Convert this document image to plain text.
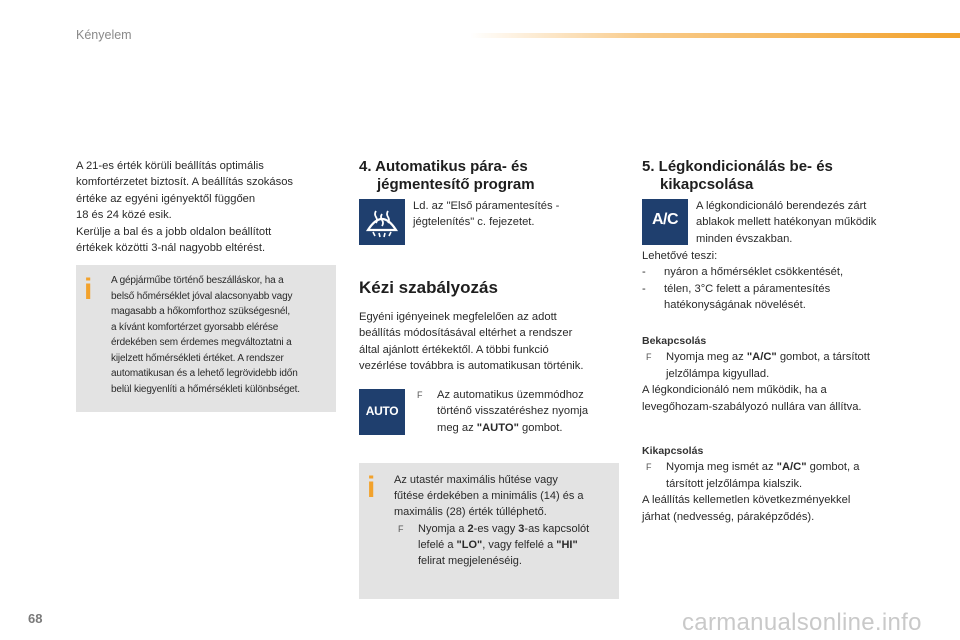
Kényelem
A 21-es érték körüli beállítás optimális
komfortérzetet biztosít. A beállítás szokásos
értéke az egyéni igényektől függően
18 és 24 közé esik.
Kerülje a bal és a jobb oldalon beállított
értékek közötti 3-nál nagyobb eltérést.
i A gépjárműbe történő beszálláskor, ha a
belső hőmérséklet jóval alacsonyabb vagy
magasabb a hőkomforthoz szükségesnél,
a kívánt komfortérzet gyorsabb elérése
érdekében sem érdemes megváltoztatni a
kijelzett hőmérsékleti értéket. A rendszer
automatikusan és a lehető legrövidebb időn
belül kiegyenlíti a hőmérsékleti különbséget.
4. Automatikus pára- és
jégmentesítő program
Ld. az "Első páramentesítés -
jégtelenítés" c. fejezetet.
Kézi szabályozás
Egyéni igényeinek megfelelően az adott
beállítás módosításával eltérhet a rendszer
által ajánlott értékektől. A többi funkció
vezérlése továbbra is automatikusan történik.
AUTO
F Az automatikus üzemmódhoz
történő visszatéréshez nyomja
meg az "AUTO" gombot.
i Az utastér maximális hűtése vagy
fűtése érdekében a minimális (14) és a
maximális (28) érték túlléphető.
F Nyomja a 2-es vagy 3-as kapcsolót
lefelé a "LO", vagy felfelé a "HI"
felirat megjelenéséig.
5. Légkondicionálás be- és
kikapcsolása
A/C
A légkondicionáló berendezés zárt
ablakok mellett hatékonyan működik
minden évszakban.
Lehetővé teszi:
- nyáron a hőmérséklet csökkentését,
- télen, 3°C felett a páramentesítés
hatékonyságának növelését.
Bekapcsolás
F Nyomja meg az "A/C" gombot, a társított
jelzőlámpa kigyullad.
A légkondicionáló nem működik, ha a
levegőhozam-szabályozó nullára van állítva.
Kikapcsolás
F Nyomja meg ismét az "A/C" gombot, a
társított jelzőlámpa kialszik.
A leállítás kellemetlen következményekkel
járhat (nedvesség, páraképződés).
68	carmanualsonline.info
